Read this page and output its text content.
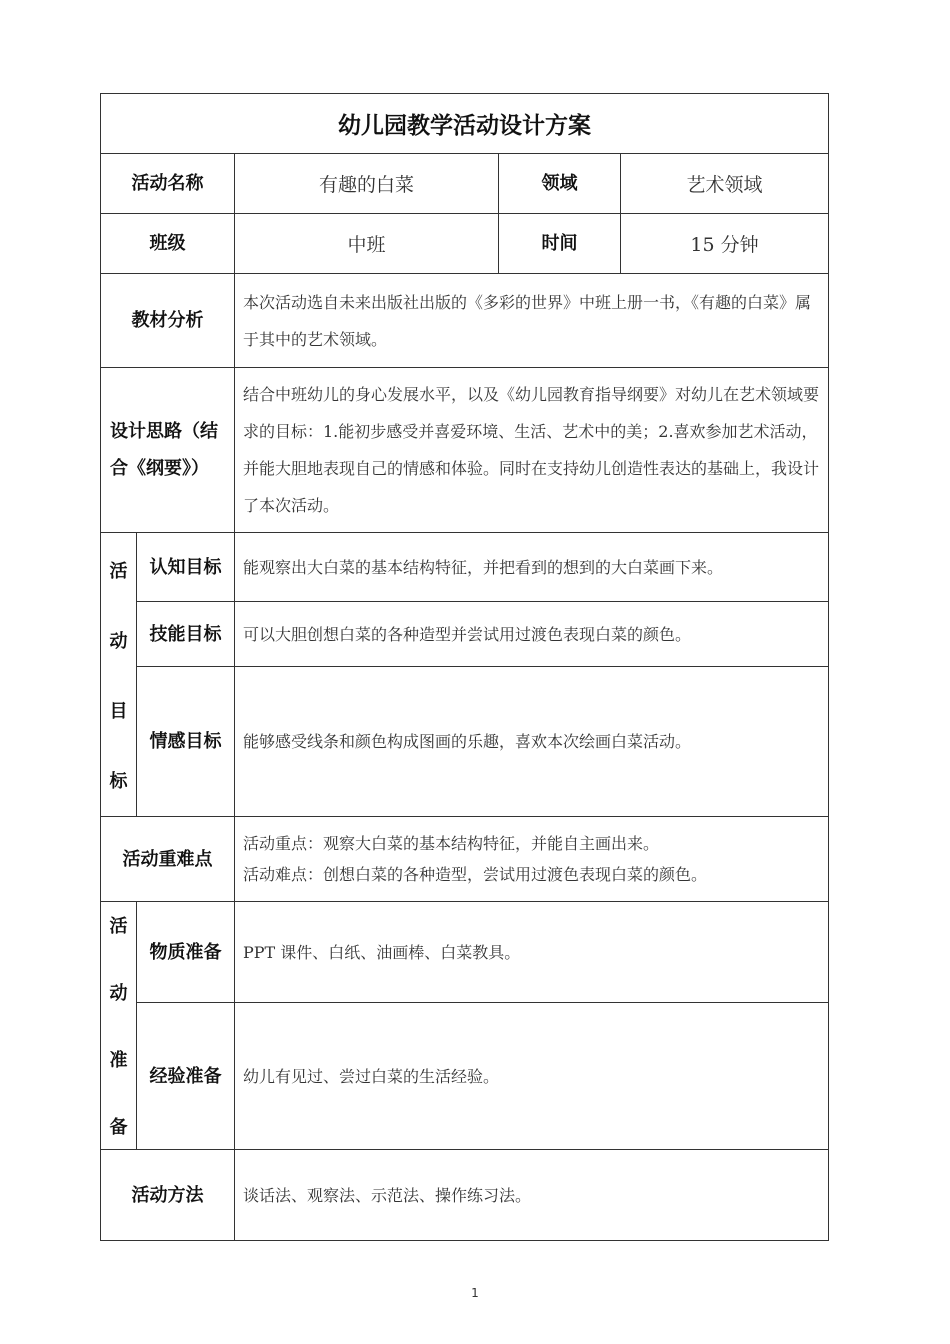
幼儿园教学活动设计方案				
活动名称		有趣的白菜	领域	艺术领域
班级		中班	时间	15 分钟
教材分析		本次活动选自未来出版社出版的《多彩的世界》中班上册一书，《有趣的白菜》属于其中的艺术领域。		
设计思路（结合《纲要》）		结合中班幼儿的身心发展水平，以及《幼儿园教育指导纲要》对幼儿在艺术领域要求的目标：1.能初步感受并喜爱环境、生活、艺术中的美；2.喜欢参加艺术活动，并能大胆地表现自己的情感和体验。同时在支持幼儿创造性表达的基础上，我设计了本次活动。		

活
动
目
标	认知目标	能观察出大白菜的基本结构特征，并把看到的想到的大白菜画下来。		
	技能目标	可以大胆创想白菜的各种造型并尝试用过渡色表现白菜的颜色。		
	情感目标	能够感受线条和颜色构成图画的乐趣，喜欢本次绘画白菜活动。		
活动重难点		活动重点：观察大白菜的基本结构特征，并能自主画出来。
活动难点：创想白菜的各种造型，尝试用过渡色表现白菜的颜色。		

活
动
准
备	物质准备	PPT 课件、白纸、油画棒、白菜教具。		
	经验准备	幼儿有见过、尝过白菜的生活经验。		
活动方法		谈话法、观察法、示范法、操作练习法。		
1
